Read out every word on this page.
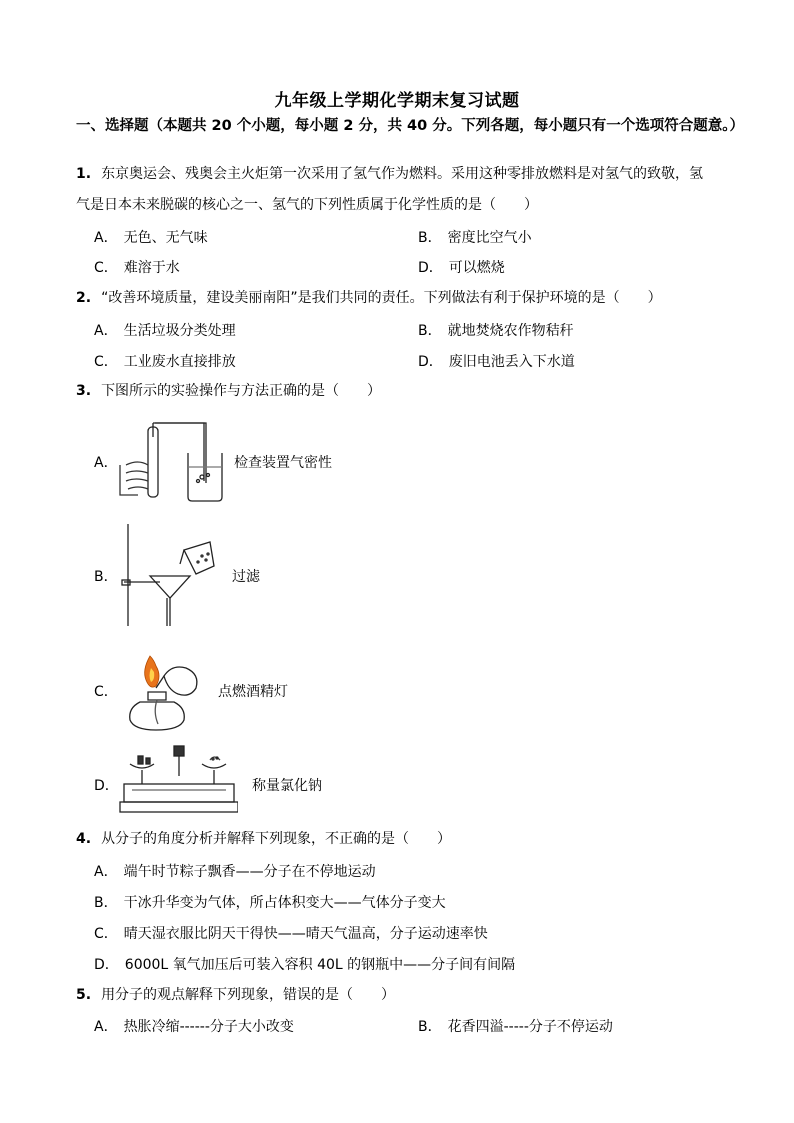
九年级上学期化学期末复习试题
一、选择题（本题共 20 个小题，每小题 2 分，共 40 分。下列各题，每小题只有一个选项符合题意。）
1. 东京奥运会、残奥会主火炬第一次采用了氢气作为燃料。采用这种零排放燃料是对氢气的致敬，氢
气是日本未来脱碳的核心之一、氢气的下列性质属于化学性质的是（　　）
A． 无色、无气味	B． 密度比空气小
C． 难溶于水	D． 可以燃烧
2. “改善环境质量，建设美丽南阳”是我们共同的责任。下列做法有利于保护环境的是（　　）
A． 生活垃圾分类处理	B． 就地焚烧农作物秸秆
C． 工业废水直接排放	D． 废旧电池丢入下水道
3. 下图所示的实验操作与方法正确的是（　　）
A．	检查装置气密性
B．	过滤
C．	点燃酒精灯
D．	称量氯化钠
4. 从分子的角度分析并解释下列现象，不正确的是（　　）
A． 端午时节粽子飘香——分子在不停地运动
B． 干冰升华变为气体，所占体积变大——气体分子变大
C． 晴天湿衣服比阴天干得快——晴天气温高，分子运动速率快
D． 6000L 氧气加压后可装入容积 40L 的钢瓶中——分子间有间隔
5. 用分子的观点解释下列现象，错误的是（　　）
A． 热胀冷缩------分子大小改变	B． 花香四溢-----分子不停运动
